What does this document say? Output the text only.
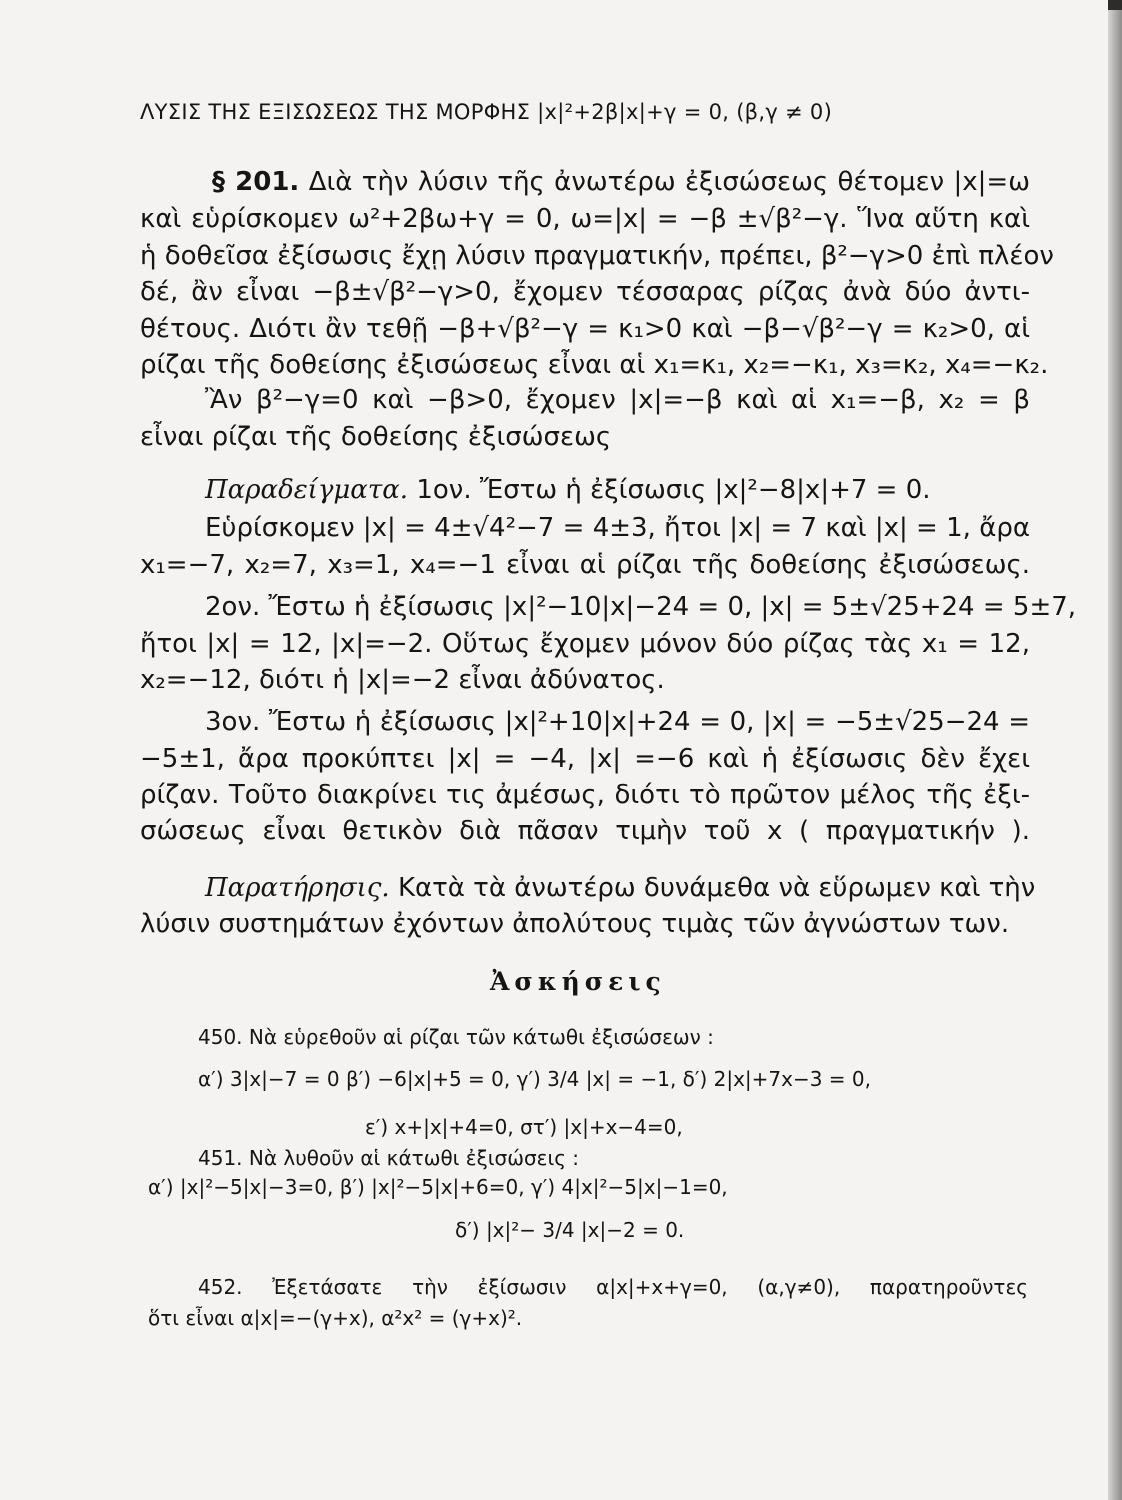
ΛΥΣΙΣ ΤΗΣ ΕΞΙΣΩΣΕΩΣ ΤΗΣ ΜΟΡΦΗΣ |x|²+2β|x|+γ = 0, (β,γ ≠ 0)
§ 201. Διὰ τὴν λύσιν τῆς ἀνωτέρω ἐξισώσεως θέτομεν |x|=ω
καὶ εὑρίσκομεν ω²+2βω+γ = 0, ω=|x| = −β ±√β²−γ. Ἵνα αὕτη καὶ
ἡ δοθεῖσα ἐξίσωσις ἔχῃ λύσιν πραγματικήν, πρέπει, β²−γ>0 ἐπὶ πλέον
δέ, ἂν εἶναι −β±√β²−γ>0, ἔχομεν τέσσαρας ρίζας ἀνὰ δύο ἀντι-
θέτους. Διότι ἂν τεθῇ −β+√β²−γ = κ₁>0 καὶ −β−√β²−γ = κ₂>0, αἱ
ρίζαι τῆς δοθείσης ἐξισώσεως εἶναι αἱ x₁=κ₁, x₂=−κ₁, x₃=κ₂, x₄=−κ₂.
Ἂν β²−γ=0 καὶ −β>0, ἔχομεν |x|=−β καὶ αἱ x₁=−β, x₂ = β
εἶναι ρίζαι τῆς δοθείσης ἐξισώσεως
Παραδείγματα. 1ον. Ἔστω ἡ ἐξίσωσις |x|²−8|x|+7 = 0.
Εὑρίσκομεν |x| = 4±√4²−7 = 4±3, ἤτοι |x| = 7 καὶ |x| = 1, ἄρα
x₁=−7, x₂=7, x₃=1, x₄=−1 εἶναι αἱ ρίζαι τῆς δοθείσης ἐξισώσεως.
2ον. Ἔστω ἡ ἐξίσωσις |x|²−10|x|−24 = 0, |x| = 5±√25+24 = 5±7,
ἤτοι |x| = 12, |x|=−2. Οὕτως ἔχομεν μόνον δύο ρίζας τὰς x₁ = 12,
x₂=−12, διότι ἡ |x|=−2 εἶναι ἀδύνατος.
3ον. Ἔστω ἡ ἐξίσωσις |x|²+10|x|+24 = 0, |x| = −5±√25−24 =
−5±1, ἄρα προκύπτει |x| = −4, |x| =−6 καὶ ἡ ἐξίσωσις δὲν ἔχει
ρίζαν. Τοῦτο διακρίνει τις ἀμέσως, διότι τὸ πρῶτον μέλος τῆς ἐξι-
σώσεως εἶναι θετικὸν διὰ πᾶσαν τιμὴν τοῦ x ( πραγματικήν ).
Παρατήρησις. Κατὰ τὰ ἀνωτέρω δυνάμεθα νὰ εὕρωμεν καὶ τὴν
λύσιν συστημάτων ἐχόντων ἀπολύτους τιμὰς τῶν ἀγνώστων των.
Ἀσκήσεις
450. Νὰ εὑρεθοῦν αἱ ρίζαι τῶν κάτωθι ἐξισώσεων :
α′) 3|x|−7 = 0 β′) −6|x|+5 = 0, γ′) 3/4 |x| = −1, δ′) 2|x|+7x−3 = 0,
ε′) x+|x|+4=0, στ′) |x|+x−4=0,
451. Νὰ λυθοῦν αἱ κάτωθι ἐξισώσεις :
α′) |x|²−5|x|−3=0, β′) |x|²−5|x|+6=0, γ′) 4|x|²−5|x|−1=0,
δ′) |x|²− 3/4 |x|−2 = 0.
452. Ἐξετάσατε τὴν ἐξίσωσιν α|x|+x+γ=0, (α,γ≠0), παρατηροῦντες
ὅτι εἶναι α|x|=−(γ+x), α²x² = (γ+x)².
